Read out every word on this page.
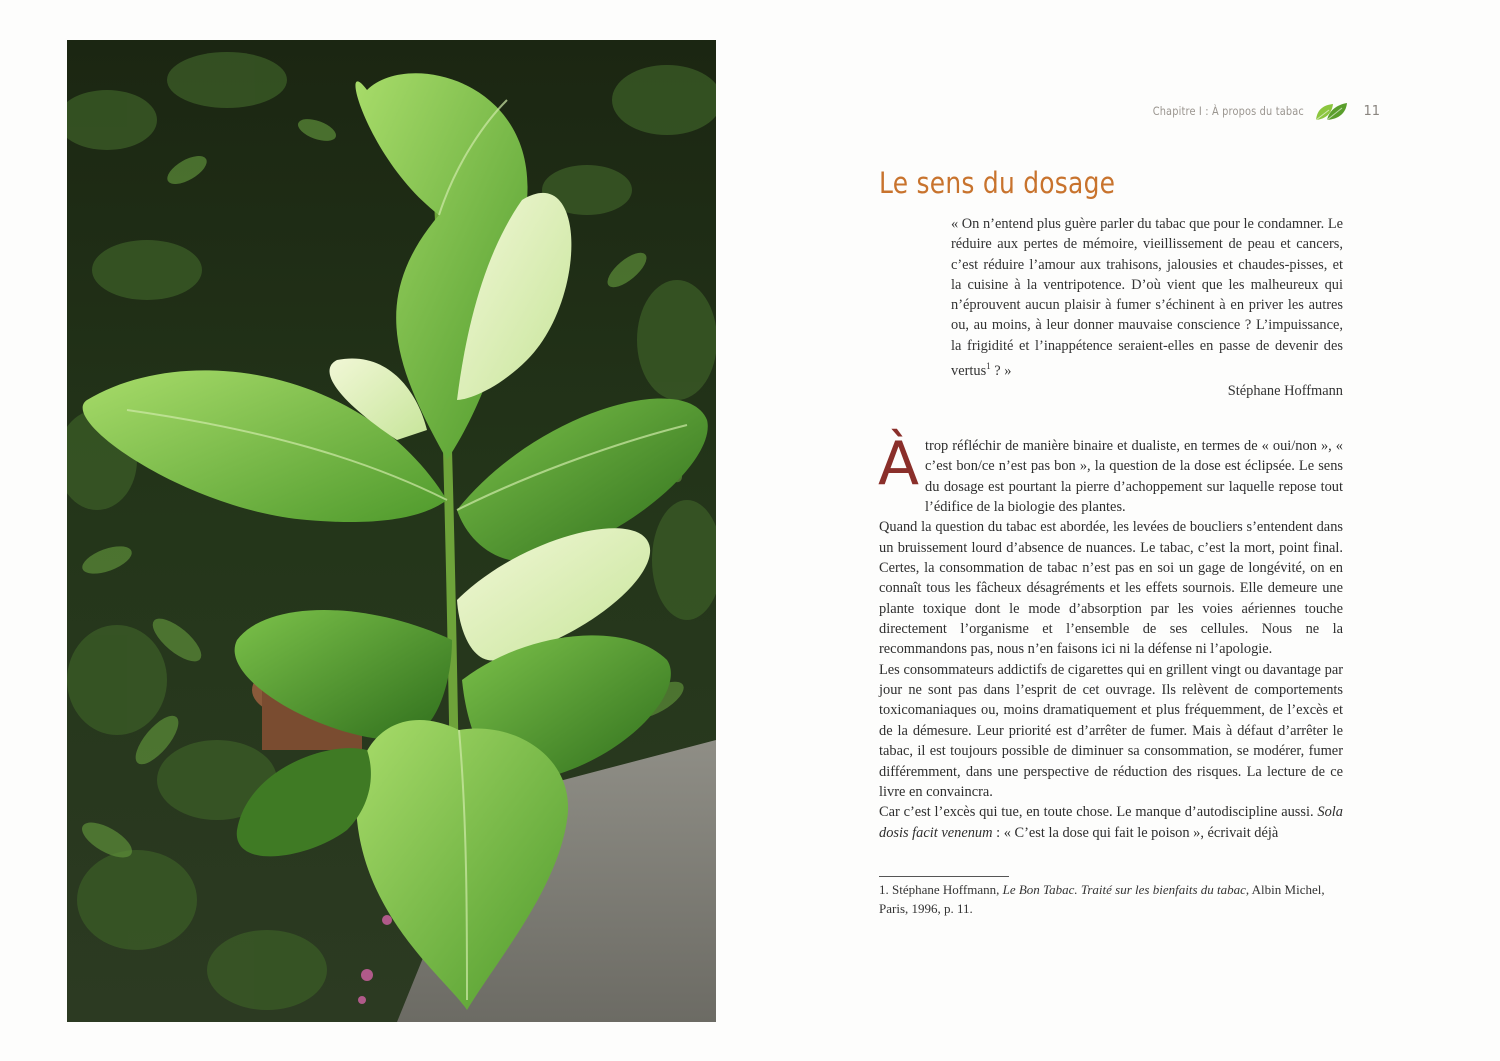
Chapitre I : À propos du tabac	11
Le sens du dosage

« On n’entend plus guère parler du tabac que pour le condamner. Le réduire aux pertes de mémoire, vieillissement de peau et cancers, c’est réduire l’amour aux trahisons, jalousies et chaudes-pisses, et la cuisine à la ventripotence. D’où vient que les malheureux qui n’éprouvent aucun plaisir à fumer s’échinent à en priver les autres ou, au moins, à leur donner mauvaise conscience ? L’impuissance, la frigidité et l’inappétence seraient-elles en passe de devenir des vertus$^1$ ? »

Stéphane Hoffmann

À trop réfléchir de manière binaire et dualiste, en termes de « oui/non », « c’est bon/ce n’est pas bon », la question de la dose est éclipsée. Le sens du dosage est pourtant la pierre d’achoppement sur laquelle repose tout l’édifice de la biologie des plantes.

Quand la question du tabac est abordée, les levées de boucliers s’entendent dans un bruissement lourd d’absence de nuances. Le tabac, c’est la mort, point final. Certes, la consommation de tabac n’est pas en soi un gage de longévité, on en connaît tous les fâcheux désagréments et les effets sournois. Elle demeure une plante toxique dont le mode d’absorption par les voies aériennes touche directement l’organisme et l’ensemble de ses cellules. Nous ne la recommandons pas, nous n’en faisons ici ni la défense ni l’apologie.

Les consommateurs addictifs de cigarettes qui en grillent vingt ou davantage par jour ne sont pas dans l’esprit de cet ouvrage. Ils relèvent de comportements toxicomaniaques ou, moins dramatiquement et plus fréquemment, de l’excès et de la démesure. Leur priorité est d’arrêter de fumer. Mais à défaut d’arrêter le tabac, il est toujours possible de diminuer sa consommation, se modérer, fumer différemment, dans une perspective de réduction des risques. La lecture de ce livre en convaincra.

Car c’est l’excès qui tue, en toute chose. Le manque d’autodiscipline aussi. Sola dosis facit venenum : « C’est la dose qui fait le poison », écrivait déjà

1. Stéphane Hoffmann, Le Bon Tabac. Traité sur les bienfaits du tabac, Albin Michel, Paris, 1996, p. 11.
